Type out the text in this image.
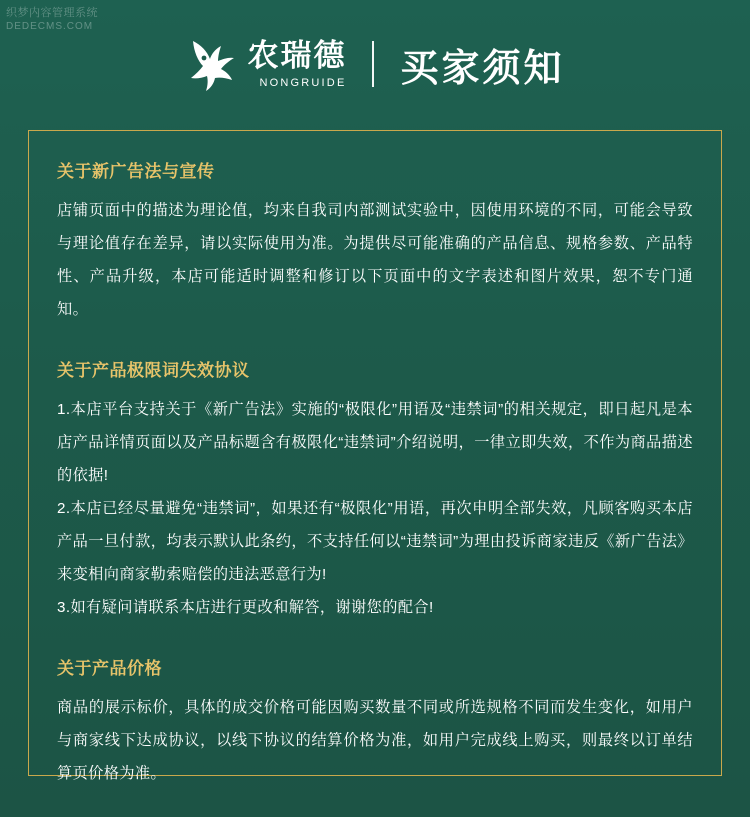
织梦内容管理系统
DEDECMS.COM
农瑞德
NONGRUIDE 买家须知
关于新广告法与宣传

店铺页面中的描述为理论值，均来自我司内部测试实验中，因使用环境的不同，可能会导致与理论值存在差异，请以实际使用为准。为提供尽可能准确的产品信息、规格参数、产品特性、产品升级，本店可能适时调整和修订以下页面中的文字表述和图片效果，恕不专门通知。

关于产品极限词失效协议

1.本店平台支持关于《新广告法》实施的“极限化”用语及“违禁词”的相关规定，即日起凡是本店产品详情页面以及产品标题含有极限化“违禁词”介绍说明，一律立即失效，不作为商品描述的依据!

2.本店已经尽量避免“违禁词”，如果还有“极限化”用语，再次申明全部失效，凡顾客购买本店产品一旦付款，均表示默认此条约，不支持任何以“违禁词”为理由投诉商家违反《新广告法》来变相向商家勒索赔偿的违法恶意行为!

3.如有疑问请联系本店进行更改和解答，谢谢您的配合!

关于产品价格

商品的展示标价，具体的成交价格可能因购买数量不同或所选规格不同而发生变化，如用户与商家线下达成协议，以线下协议的结算价格为准，如用户完成线上购买，则最终以订单结算页价格为准。
